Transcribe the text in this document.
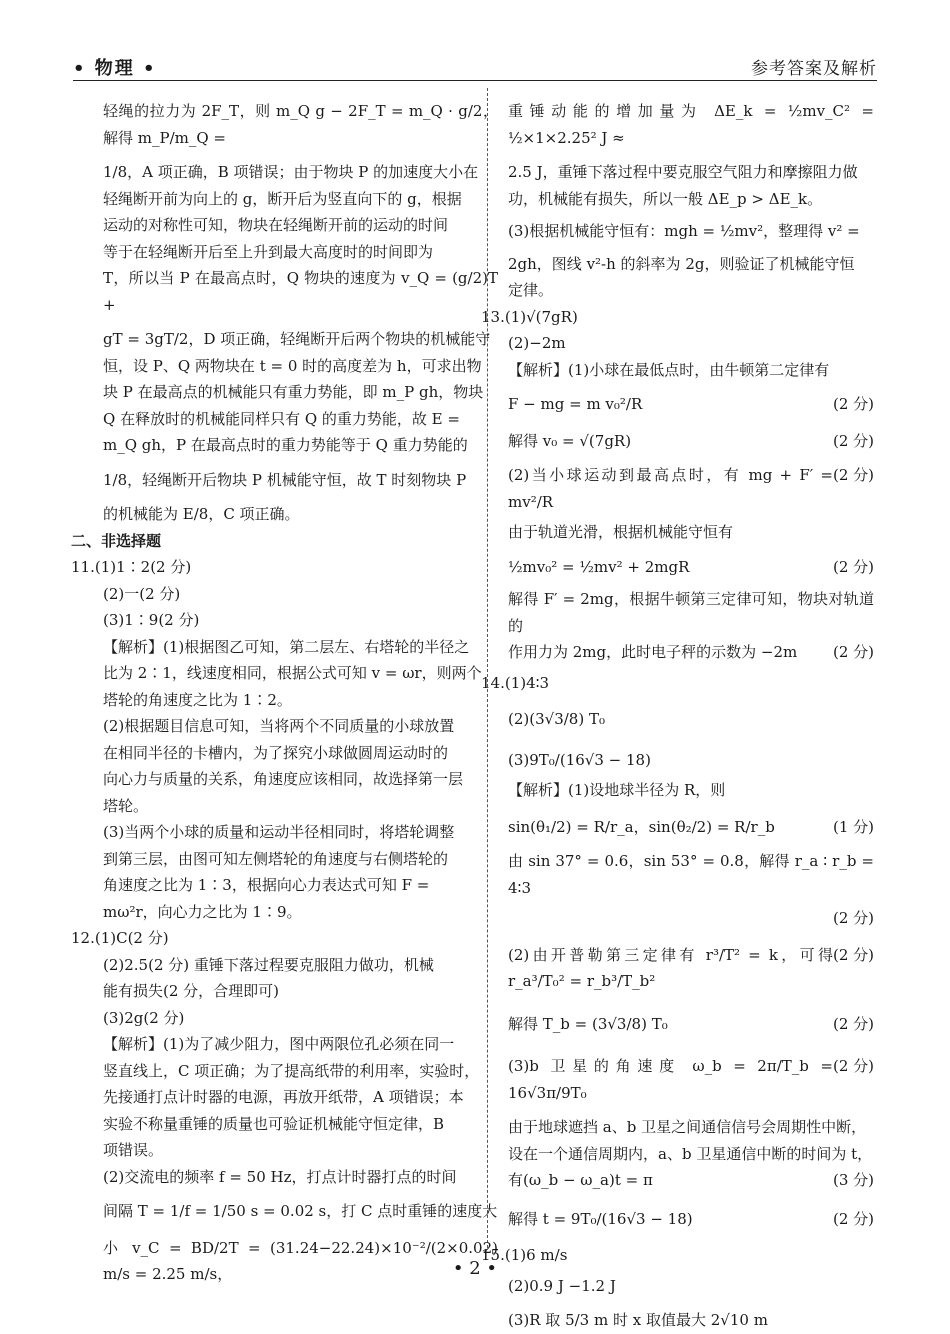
• 物理 •	参考答案及解析

轻绳的拉力为 2F_T，则 m_Q g − 2F_T = m_Q · g/2，解得 m_P/m_Q =

1/8，A 项正确，B 项错误；由于物块 P 的加速度大小在

轻绳断开前为向上的 g，断开后为竖直向下的 g，根据

运动的对称性可知，物块在轻绳断开前的运动的时间

等于在轻绳断开后至上升到最大高度时的时间即为

T，所以当 P 在最高点时，Q 物块的速度为 v_Q = (g/2)T +

gT = 3gT/2，D 项正确，轻绳断开后两个物块的机械能守

恒，设 P、Q 两物块在 t = 0 时的高度差为 h，可求出物

块 P 在最高点的机械能只有重力势能，即 m_P gh，物块

Q 在释放时的机械能同样只有 Q 的重力势能，故 E =

m_Q gh，P 在最高点时的重力势能等于 Q 重力势能的

1/8，轻绳断开后物块 P 机械能守恒，故 T 时刻物块 P

的机械能为 E/8，C 项正确。

二、非选择题

11.(1)1∶2(2 分)

(2)一(2 分)

(3)1∶9(2 分)

【解析】(1)根据图乙可知，第二层左、右塔轮的半径之

比为 2∶1，线速度相同，根据公式可知 v = ωr，则两个

塔轮的角速度之比为 1∶2。

(2)根据题目信息可知，当将两个不同质量的小球放置

在相同半径的卡槽内，为了探究小球做圆周运动时的

向心力与质量的关系，角速度应该相同，故选择第一层

塔轮。

(3)当两个小球的质量和运动半径相同时，将塔轮调整

到第三层，由图可知左侧塔轮的角速度与右侧塔轮的

角速度之比为 1∶3，根据向心力表达式可知 F =

mω²r，向心力之比为 1∶9。

12.(1)C(2 分)

(2)2.5(2 分) 重锤下落过程要克服阻力做功，机械

能有损失(2 分，合理即可)

(3)2g(2 分)

【解析】(1)为了减少阻力，图中两限位孔必须在同一

竖直线上，C 项正确；为了提高纸带的利用率，实验时，

先接通打点计时器的电源，再放开纸带，A 项错误；本

实验不称量重锤的质量也可验证机械能守恒定律，B

项错误。

(2)交流电的频率 f = 50 Hz，打点计时器打点的时间

间隔 T = 1/f = 1/50 s = 0.02 s，打 C 点时重锤的速度大

小 v_C = BD/2T = (31.24−22.24)×10⁻²/(2×0.02) m/s = 2.25 m/s，

重锤动能的增加量为 ΔE_k = ½mv_C² = ½×1×2.25² J ≈

2.5 J，重锤下落过程中要克服空气阻力和摩擦阻力做

功，机械能有损失，所以一般 ΔE_p > ΔE_k。

(3)根据机械能守恒有：mgh = ½mv²，整理得 v² =

2gh，图线 v²-h 的斜率为 2g，则验证了机械能守恒

定律。

13.(1)√(7gR)

(2)−2m

【解析】(1)小球在最低点时，由牛顿第二定律有

F − mg = m v₀²/R	(2 分)
解得 v₀ = √(7gR)	(2 分)
(2)当小球运动到最高点时，有 mg + F′ = mv²/R
(2 分)

由于轨道光滑，根据机械能守恒有

½mv₀² = ½mv² + 2mgR	(2 分)

解得 F′ = 2mg，根据牛顿第三定律可知，物块对轨道的

作用力为 2mg，此时电子秤的示数为 −2m (2 分)

14.(1)4∶3

(2)(3√3/8) T₀

(3)9T₀/(16√3 − 18)

【解析】(1)设地球半径为 R，则

sin(θ₁/2) = R/r_a，sin(θ₂/2) = R/r_b	(1 分)
由 sin 37° = 0.6，sin 53° = 0.8，解得 r_a ∶ r_b = 4∶3
(2 分)
(2)由开普勒第三定律有 r³/T² = k，可得 r_a³/T₀² = r_b³/T_b²
(2 分)
解得 T_b = (3√3/8) T₀	(2 分)
(3)b 卫星的角速度 ω_b = 2π/T_b = 16√3π/9T₀
(2 分)

由于地球遮挡 a、b 卫星之间通信信号会周期性中断，

设在一个通信周期内，a、b 卫星通信中断的时间为 t，

有(ω_b − ω_a)t = π	(3 分)
解得 t = 9T₀/(16√3 − 18)	(2 分)

15.(1)6 m/s

(2)0.9 J −1.2 J

(3)R 取 5/3 m 时 x 取值最大 2√10 m

• 2 •
